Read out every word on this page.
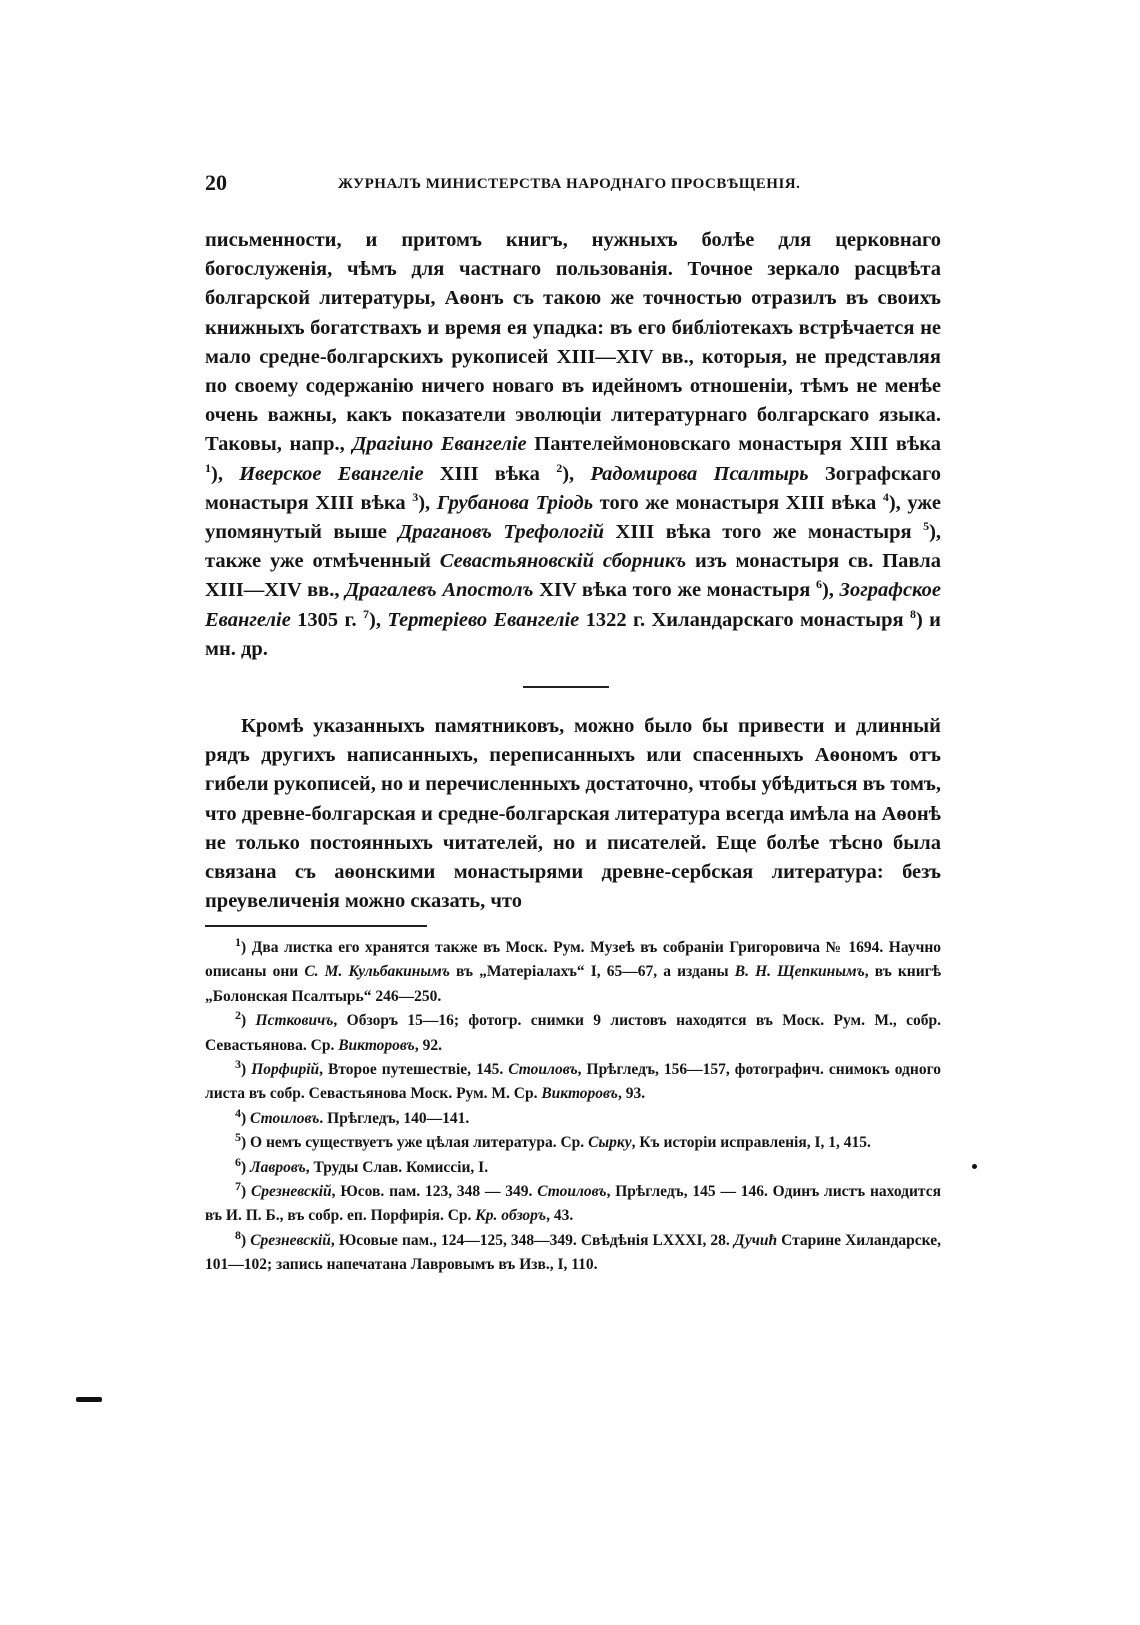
20	ЖУРНАЛЪ МИНИСТЕРСТВА НАРОДНАГО ПРОСВѢЩЕНІЯ.

письменности, и притомъ книгъ, нужныхъ болѣе для церковнаго богослуженія, чѣмъ для частнаго пользованія. Точное зеркало расцвѣта болгарской литературы, Аѳонъ съ такою же точностью отразилъ въ своихъ книжныхъ богатствахъ и время ея упадка: въ его библіотекахъ встрѣчается не мало средне-болгарскихъ рукописей XIII—XIV вв., которыя, не представляя по своему содержанію ничего новаго въ идейномъ отношеніи, тѣмъ не менѣе очень важны, какъ показатели эволюціи литературнаго болгарскаго языка. Таковы, напр., Драгіино Евангеліе Пантелеймоновскаго монастыря XIII вѣка $^1$), Иверское Евангеліе XIII вѣка $^2$), Радомирова Псалтырь Зографскаго монастыря XIII вѣка $^3$), Грубанова Тріодь того же монастыря XIII вѣка $^4$), уже упомянутый выше Драгановъ Трефологій XIII вѣка того же монастыря $^5$), также уже отмѣченный Севастьяновскій сборникъ изъ монастыря св. Павла XIII—XIV вв., Драгалевъ Апостолъ XIV вѣка того же монастыря $^6$), Зографское Евангеліе 1305 г. $^7$), Тертеріево Евангеліе 1322 г. Хиландарскаго монастыря $^8$) и мн. др.

Кромѣ указанныхъ памятниковъ, можно было бы привести и длинный рядъ другихъ написанныхъ, переписанныхъ или спасенныхъ Аѳономъ отъ гибели рукописей, но и перечисленныхъ достаточно, чтобы убѣдиться въ томъ, что древне-болгарская и средне-болгарская литература всегда имѣла на Аѳонѣ не только постоянныхъ читателей, но и писателей. Еще болѣе тѣсно была связана съ аѳонскими монастырями древне-сербская литература: безъ преувеличенія можно сказать, что

$^1$) Два листка его хранятся также въ Моск. Рум. Музеѣ въ собраніи Григоровича № 1694. Научно описаны они С. М. Кульбакинымъ въ „Матеріалахъ“ I, 65—67, а изданы В. Н. Щепкинымъ, въ книгѣ „Болонская Псалтырь“ 246—250.

$^2$) Пстковичъ, Обзоръ 15—16; фотогр. снимки 9 листовъ находятся въ Моск. Рум. М., собр. Севастьянова. Ср. Викторовъ, 92.

$^3$) Порфирій, Второе путешествіе, 145. Стоиловъ, Прѣгледъ, 156—157, фотографич. снимокъ одного листа въ собр. Севастьянова Моск. Рум. М. Ср. Викторовъ, 93.

$^4$) Стоиловъ. Прѣгледъ, 140—141.

$^5$) О немъ существуетъ уже цѣлая литература. Ср. Сырку, Къ исторіи исправленія, I, 1, 415.

$^6$) Лавровъ, Труды Слав. Комиссіи, I.

$^7$) Срезневскій, Юсов. пам. 123, 348 — 349. Стоиловъ, Прѣгледъ, 145 — 146. Одинъ листъ находится въ И. П. Б., въ собр. еп. Порфирія. Ср. Кр. обзоръ, 43.

$^8$) Срезневскій, Юсовые пам., 124—125, 348—349. Свѣдѣнія LXXXI, 28. Дучић Старине Хиландарске, 101—102; запись напечатана Лавровымъ въ Изв., I, 110.
